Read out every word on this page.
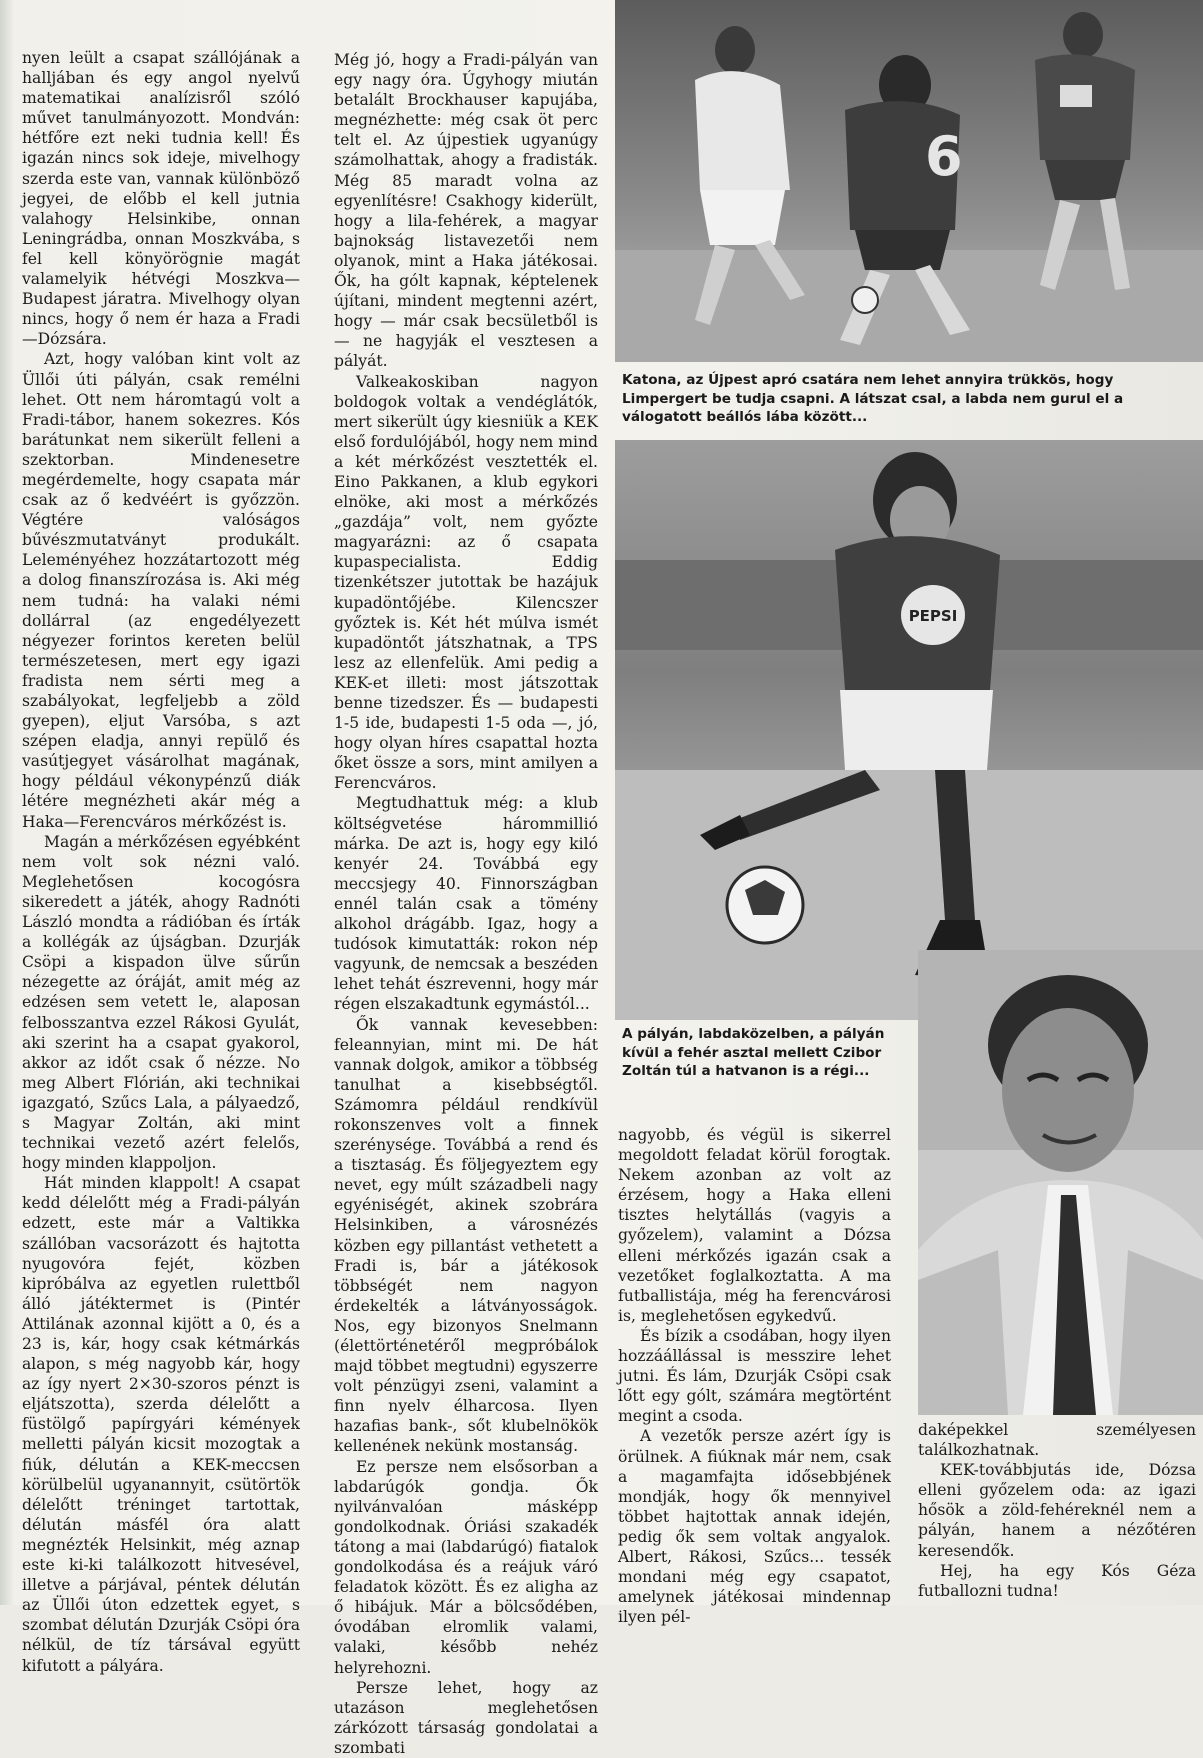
nyen leült a csapat szállójának a halljában és egy angol nyelvű matematikai analízisről szóló művet tanulmányozott. Mondván: hétfőre ezt neki tudnia kell! És igazán nincs sok ideje, mivelhogy szerda este van, vannak különböző jegyei, de előbb el kell jutnia valahogy Helsinkibe, onnan Leningrádba, onnan Moszkvába, s fel kell könyörögnie magát valamelyik hétvégi Moszkva—Budapest járatra. Mivelhogy olyan nincs, hogy ő nem ér haza a Fradi—Dózsára.

Azt, hogy valóban kint volt az Üllői úti pályán, csak remélni lehet. Ott nem háromtagú volt a Fradi-tábor, hanem sokezres. Kós barátunkat nem sikerült felleni a szektorban. Mindenesetre megérdemelte, hogy csapata már csak az ő kedvéért is győzzön. Végtére valóságos bűvészmutatványt produkált. Leleményéhez hozzátartozott még a dolog finanszírozása is. Aki még nem tudná: ha valaki némi dollárral (az engedélyezett négyezer forintos kereten belül természetesen, mert egy igazi fradista nem sérti meg a szabályokat, legfeljebb a zöld gyepen), eljut Varsóba, s azt szépen eladja, annyi repülő és vasútjegyet vásárolhat magának, hogy például vékonypénzű diák létére megnézheti akár még a Haka—Ferencváros mérkőzést is.

Magán a mérkőzésen egyébként nem volt sok nézni való. Meglehetősen kocogósra sikeredett a játék, ahogy Radnóti László mondta a rádióban és írták a kollégák az újságban. Dzurják Csöpi a kispadon ülve sűrűn nézegette az óráját, amit még az edzésen sem vetett le, alaposan felbosszantva ezzel Rákosi Gyulát, aki szerint ha a csapat gyakorol, akkor az időt csak ő nézze. No meg Albert Flórián, aki technikai igazgató, Szűcs Lala, a pályaedző, s Magyar Zoltán, aki mint technikai vezető azért felelős, hogy minden klappoljon.

Hát minden klappolt! A csapat kedd délelőtt még a Fradi-pályán edzett, este már a Valtikka szállóban vacsorázott és hajtotta nyugovóra fejét, közben kipróbálva az egyetlen rulettből álló játéktermet is (Pintér Attilának azonnal kijött a 0, és a 23 is, kár, hogy csak kétmárkás alapon, s még nagyobb kár, hogy az így nyert 2×30-szoros pénzt is eljátszotta), szerda délelőtt a füstölgő papírgyári kémények melletti pályán kicsit mozogtak a fiúk, délután a KEK-meccsen körülbelül ugyanannyit, csütörtök délelőtt tréninget tartottak, délután másfél óra alatt megnézték Helsinkit, még aznap este ki-ki találkozott hitvesével, illetve a párjával, péntek délután az Üllői úton edzettek egyet, s szombat délután Dzurják Csöpi óra nélkül, de tíz társával együtt kifutott a pályára.

Még jó, hogy a Fradi-pályán van egy nagy óra. Úgyhogy miután betalált Brockhauser kapujába, megnézhette: még csak öt perc telt el. Az újpestiek ugyanúgy számolhattak, ahogy a fradisták. Még 85 maradt volna az egyenlítésre! Csakhogy kiderült, hogy a lila-fehérek, a magyar bajnokság listavezetői nem olyanok, mint a Haka játékosai. Ők, ha gólt kapnak, képtelenek újítani, mindent megtenni azért, hogy — már csak becsületből is — ne hagyják el vesztesen a pályát.

Valkeakoskiban nagyon boldogok voltak a vendéglátók, mert sikerült úgy kiesniük a KEK első fordulójából, hogy nem mind a két mérkőzést vesztették el. Eino Pakkanen, a klub egykori elnöke, aki most a mérkőzés „gazdája” volt, nem győzte magyarázni: az ő csapata kupaspecialista. Eddig tizenkétszer jutottak be hazájuk kupadöntőjébe. Kilencszer győztek is. Két hét múlva ismét kupadöntőt játszhatnak, a TPS lesz az ellenfelük. Ami pedig a KEK-et illeti: most játszottak benne tizedszer. És — budapesti 1-5 ide, budapesti 1-5 oda —, jó, hogy olyan híres csapattal hozta őket össze a sors, mint amilyen a Ferencváros.

Megtudhattuk még: a klub költségvetése hárommillió márka. De azt is, hogy egy kiló kenyér 24. Továbbá egy meccsjegy 40. Finnországban ennél talán csak a tömény alkohol drágább. Igaz, hogy a tudósok kimutatták: rokon nép vagyunk, de nemcsak a beszéden lehet tehát észrevenni, hogy már régen elszakadtunk egymástól...

Ők vannak kevesebben: feleannyian, mint mi. De hát vannak dolgok, amikor a többség tanulhat a kisebbségtől. Számomra például rendkívül rokonszenves volt a finnek szerénysége. Továbbá a rend és a tisztaság. És följegyeztem egy nevet, egy múlt századbeli nagy egyéniségét, akinek szobrára Helsinkiben, a városnézés közben egy pillantást vethetett a Fradi is, bár a játékosok többségét nem nagyon érdekelték a látványosságok. Nos, egy bizonyos Snelmann (élettörténetéről megpróbálok majd többet megtudni) egyszerre volt pénzügyi zseni, valamint a finn nyelv élharcosa. Ilyen hazafias bank-, sőt klubelnökök kellenének nekünk mostanság.

Ez persze nem elsősorban a labdarúgók gondja. Ők nyilvánvalóan másképp gondolkodnak. Óriási szakadék tátong a mai (labdarúgó) fiatalok gondolkodása és a reájuk váró feladatok között. És ez aligha az ő hibájuk. Már a bölcsődében, óvodában elromlik valami, valaki, később nehéz helyrehozni.

Persze lehet, hogy az utazáson meglehetősen zárkózott társaság gondolatai a szombati

6

Katona, az Újpest apró csatára nem lehet annyira trükkös, hogy Limpergert be tudja csapni. A látszat csal, a labda nem gurul el a válogatott beállós lába között...

PEPSI

A pályán, labdaközelben, a pályán kívül a fehér asztal mellett Czibor Zoltán túl a hatvanon is a régi...

nagyobb, és végül is sikerrel megoldott feladat körül forogtak. Nekem azonban az volt az érzésem, hogy a Haka elleni tisztes helytállás (vagyis a győzelem), valamint a Dózsa elleni mérkőzés igazán csak a vezetőket foglalkoztatta. A ma futballistája, még ha ferencvárosi is, meglehetősen egykedvű.

És bízik a csodában, hogy ilyen hozzáállással is messzire lehet jutni. És lám, Dzurják Csöpi csak lőtt egy gólt, számára megtörtént megint a csoda.

A vezetők persze azért így is örülnek. A fiúknak már nem, csak a magamfajta idősebbjének mondják, hogy ők mennyivel többet hajtottak annak idején, pedig ők sem voltak angyalok. Albert, Rákosi, Szűcs... tessék mondani még egy csapatot, amelynek játékosai mindennap ilyen pél-

daképekkel személyesen találkozhatnak.

KEK-továbbjutás ide, Dózsa elleni győzelem oda: az igazi hősök a zöld-fehéreknél nem a pályán, hanem a nézőtéren keresendők.

Hej, ha egy Kós Géza futballozni tudna!
